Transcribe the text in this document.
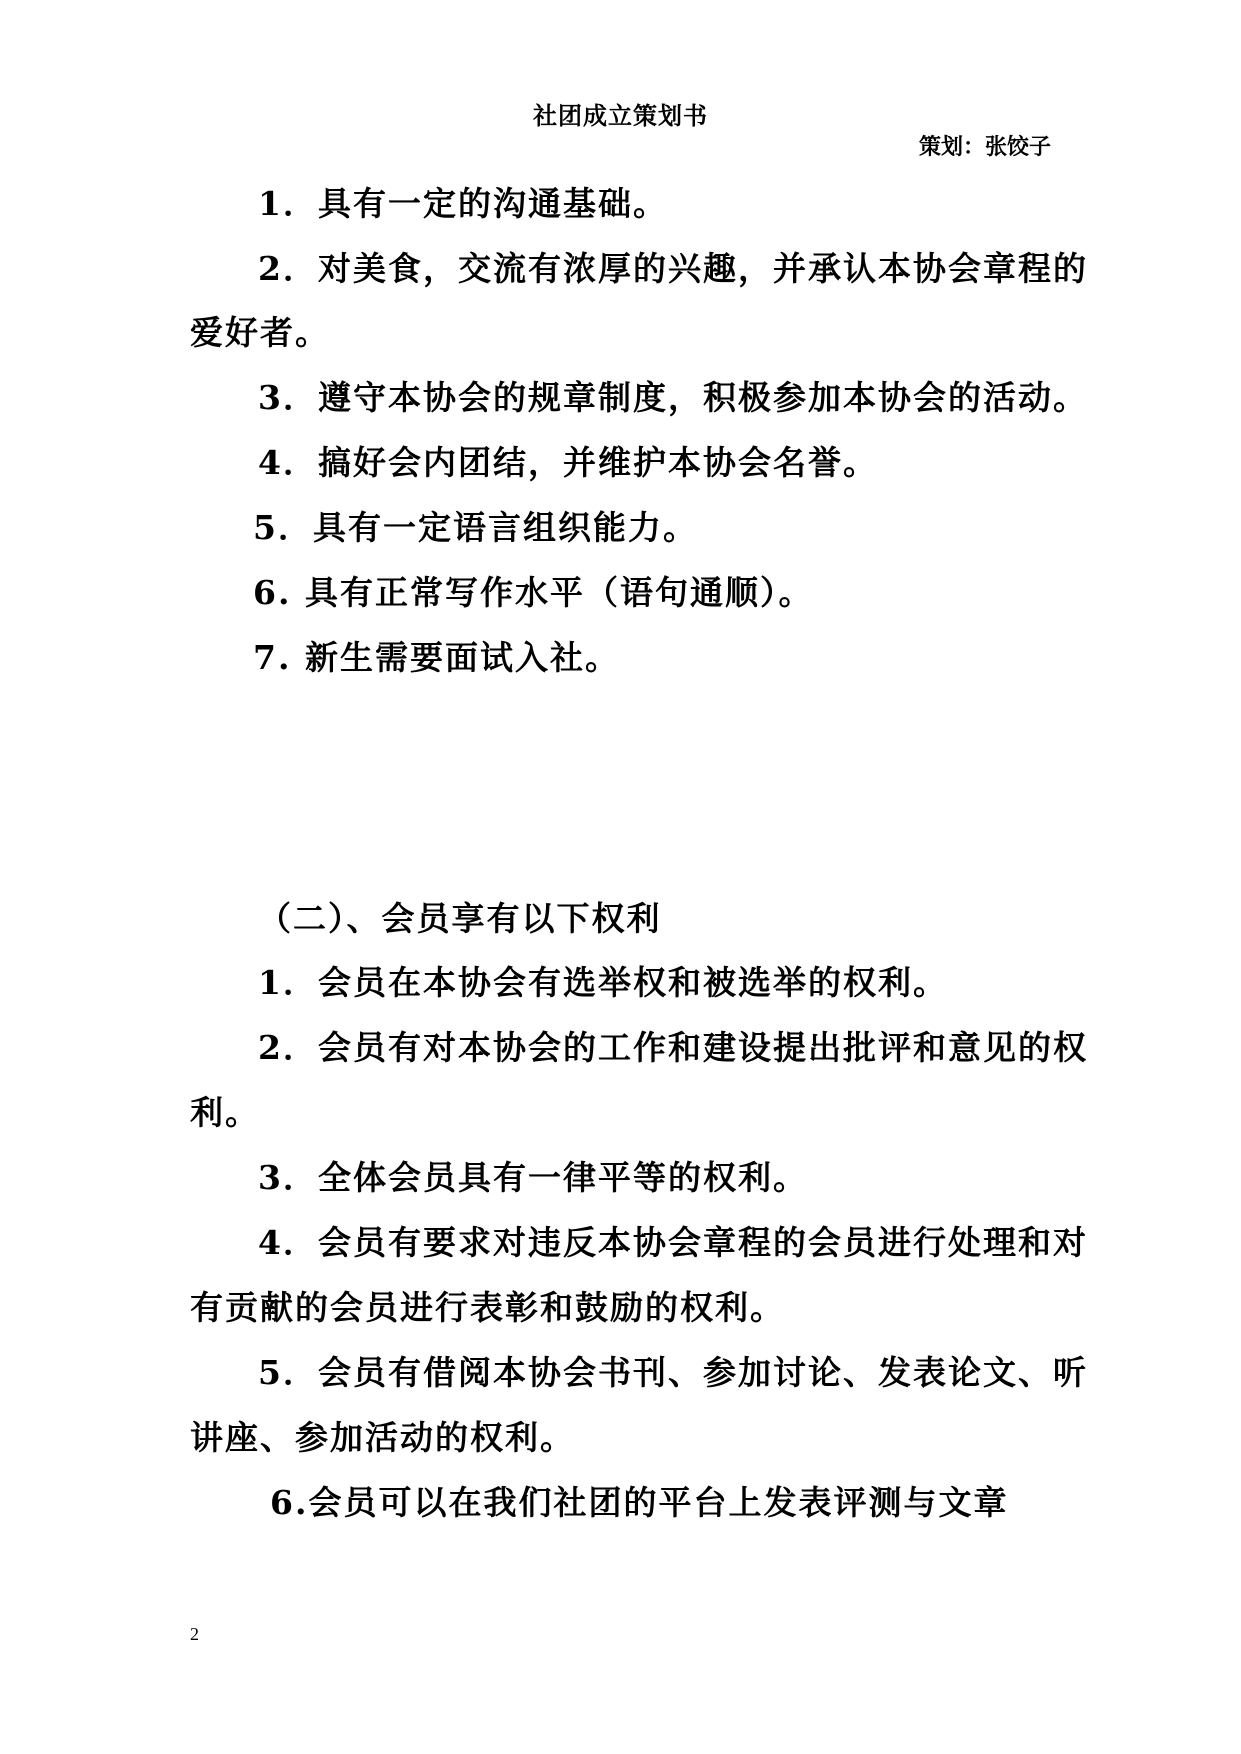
社团成立策划书
策划：张饺子
1．具有一定的沟通基础。
2．对美食，交流有浓厚的兴趣，并承认本协会章程的
爱好者。
3．遵守本协会的规章制度，积极参加本协会的活动。
4．搞好会内团结，并维护本协会名誉。
5．具有一定语言组织能力。
6. 具有正常写作水平（语句通顺）。
7. 新生需要面试入社。
（二）、会员享有以下权利
1．会员在本协会有选举权和被选举的权利。
2．会员有对本协会的工作和建设提出批评和意见的权
利。
3．全体会员具有一律平等的权利。
4．会员有要求对违反本协会章程的会员进行处理和对
有贡献的会员进行表彰和鼓励的权利。
5．会员有借阅本协会书刊、参加讨论、发表论文、听
讲座、参加活动的权利。
6.会员可以在我们社团的平台上发表评测与文章
2
